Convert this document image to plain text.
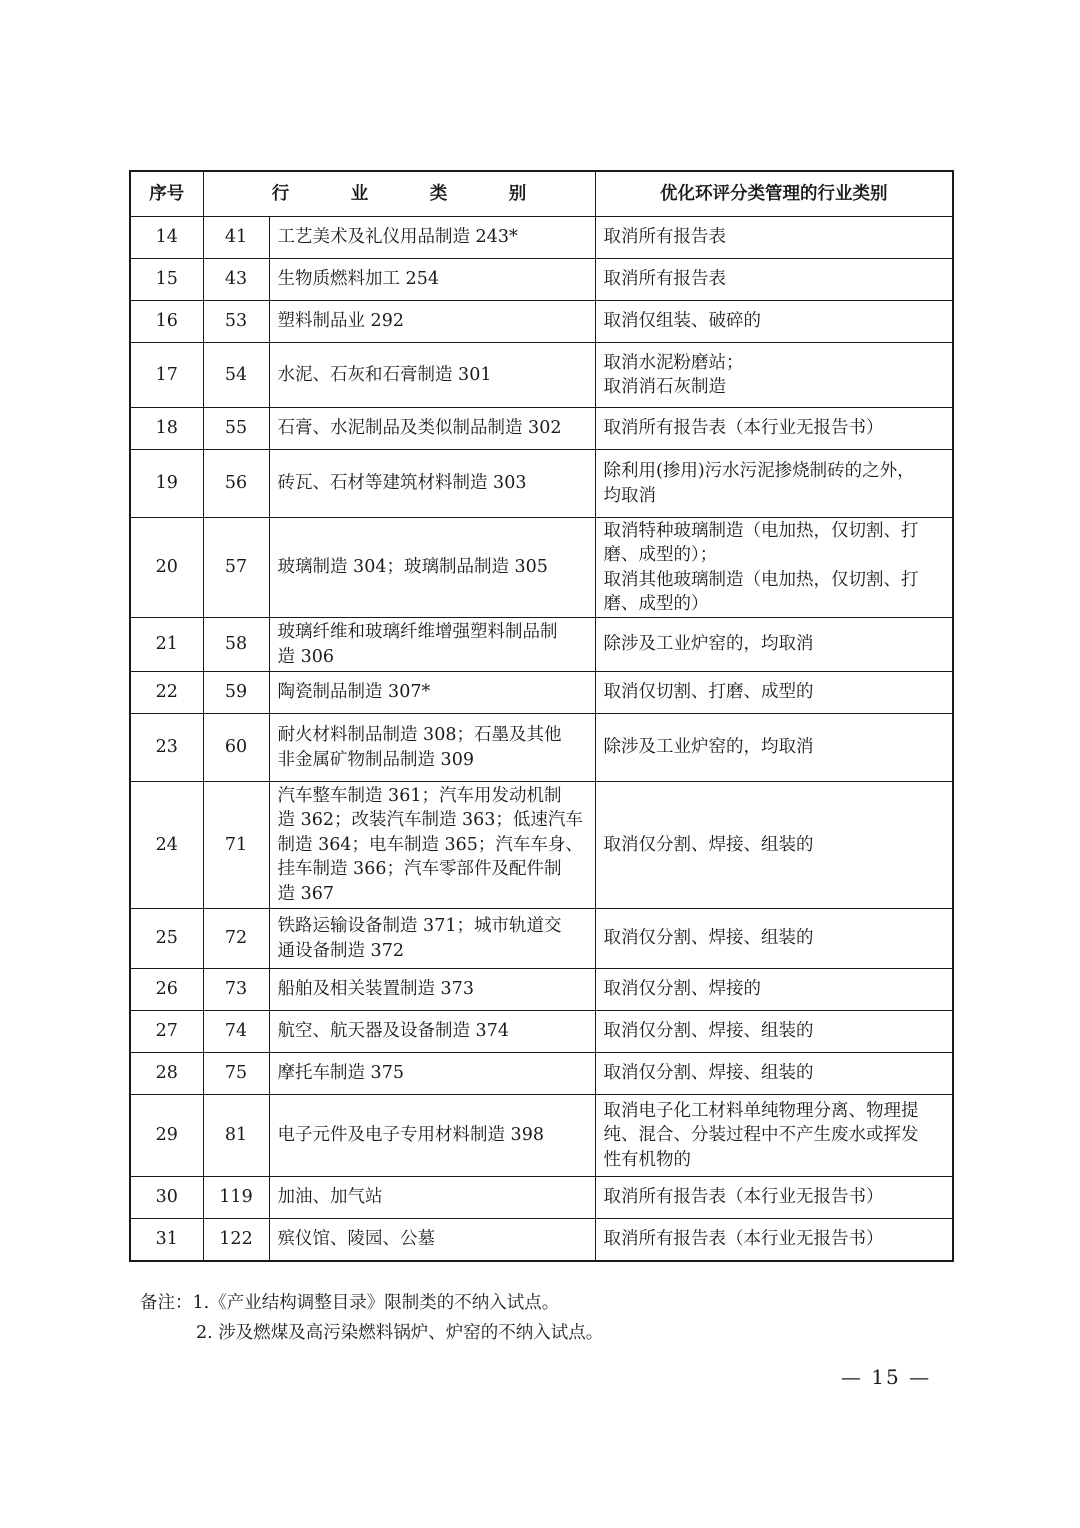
序号	行　业　类　别		优化环评分类管理的行业类别
14	41	工艺美术及礼仪用品制造 243*	取消所有报告表

15	43	生物质燃料加工 254	取消所有报告表

16	53	塑料制品业 292	取消仅组装、破碎的

17	54	水泥、石灰和石膏制造 301	取消水泥粉磨站；
取消消石灰制造

18	55	石膏、水泥制品及类似制品制造 302	取消所有报告表（本行业无报告书）

19	56	砖瓦、石材等建筑材料制造 303	除利用(掺用)污水污泥掺烧制砖的之外，
均取消

20	57	玻璃制造 304；玻璃制品制造 305	取消特种玻璃制造（电加热，仅切割、打
磨、成型的）；
取消其他玻璃制造（电加热，仅切割、打
磨、成型的）

21	58	玻璃纤维和玻璃纤维增强塑料制品制
造 306	除涉及工业炉窑的，均取消

22	59	陶瓷制品制造 307*	取消仅切割、打磨、成型的

23	60	耐火材料制品制造 308；石墨及其他
非金属矿物制品制造 309	除涉及工业炉窑的，均取消

24	71	汽车整车制造 361；汽车用发动机制
造 362；改装汽车制造 363；低速汽车
制造 364；电车制造 365；汽车车身、
挂车制造 366；汽车零部件及配件制
造 367	取消仅分割、焊接、组装的

25	72	铁路运输设备制造 371；城市轨道交
通设备制造 372	取消仅分割、焊接、组装的

26	73	船舶及相关装置制造 373	取消仅分割、焊接的

27	74	航空、航天器及设备制造 374	取消仅分割、焊接、组装的

28	75	摩托车制造 375	取消仅分割、焊接、组装的

29	81	电子元件及电子专用材料制造 398	取消电子化工材料单纯物理分离、物理提
纯、混合、分装过程中不产生废水或挥发
性有机物的

30	119	加油、加气站	取消所有报告表（本行业无报告书）

31	122	殡仪馆、陵园、公墓	取消所有报告表（本行业无报告书）
备注：1.《产业结构调整目录》限制类的不纳入试点。
2. 涉及燃煤及高污染燃料锅炉、炉窑的不纳入试点。
— 15 —
